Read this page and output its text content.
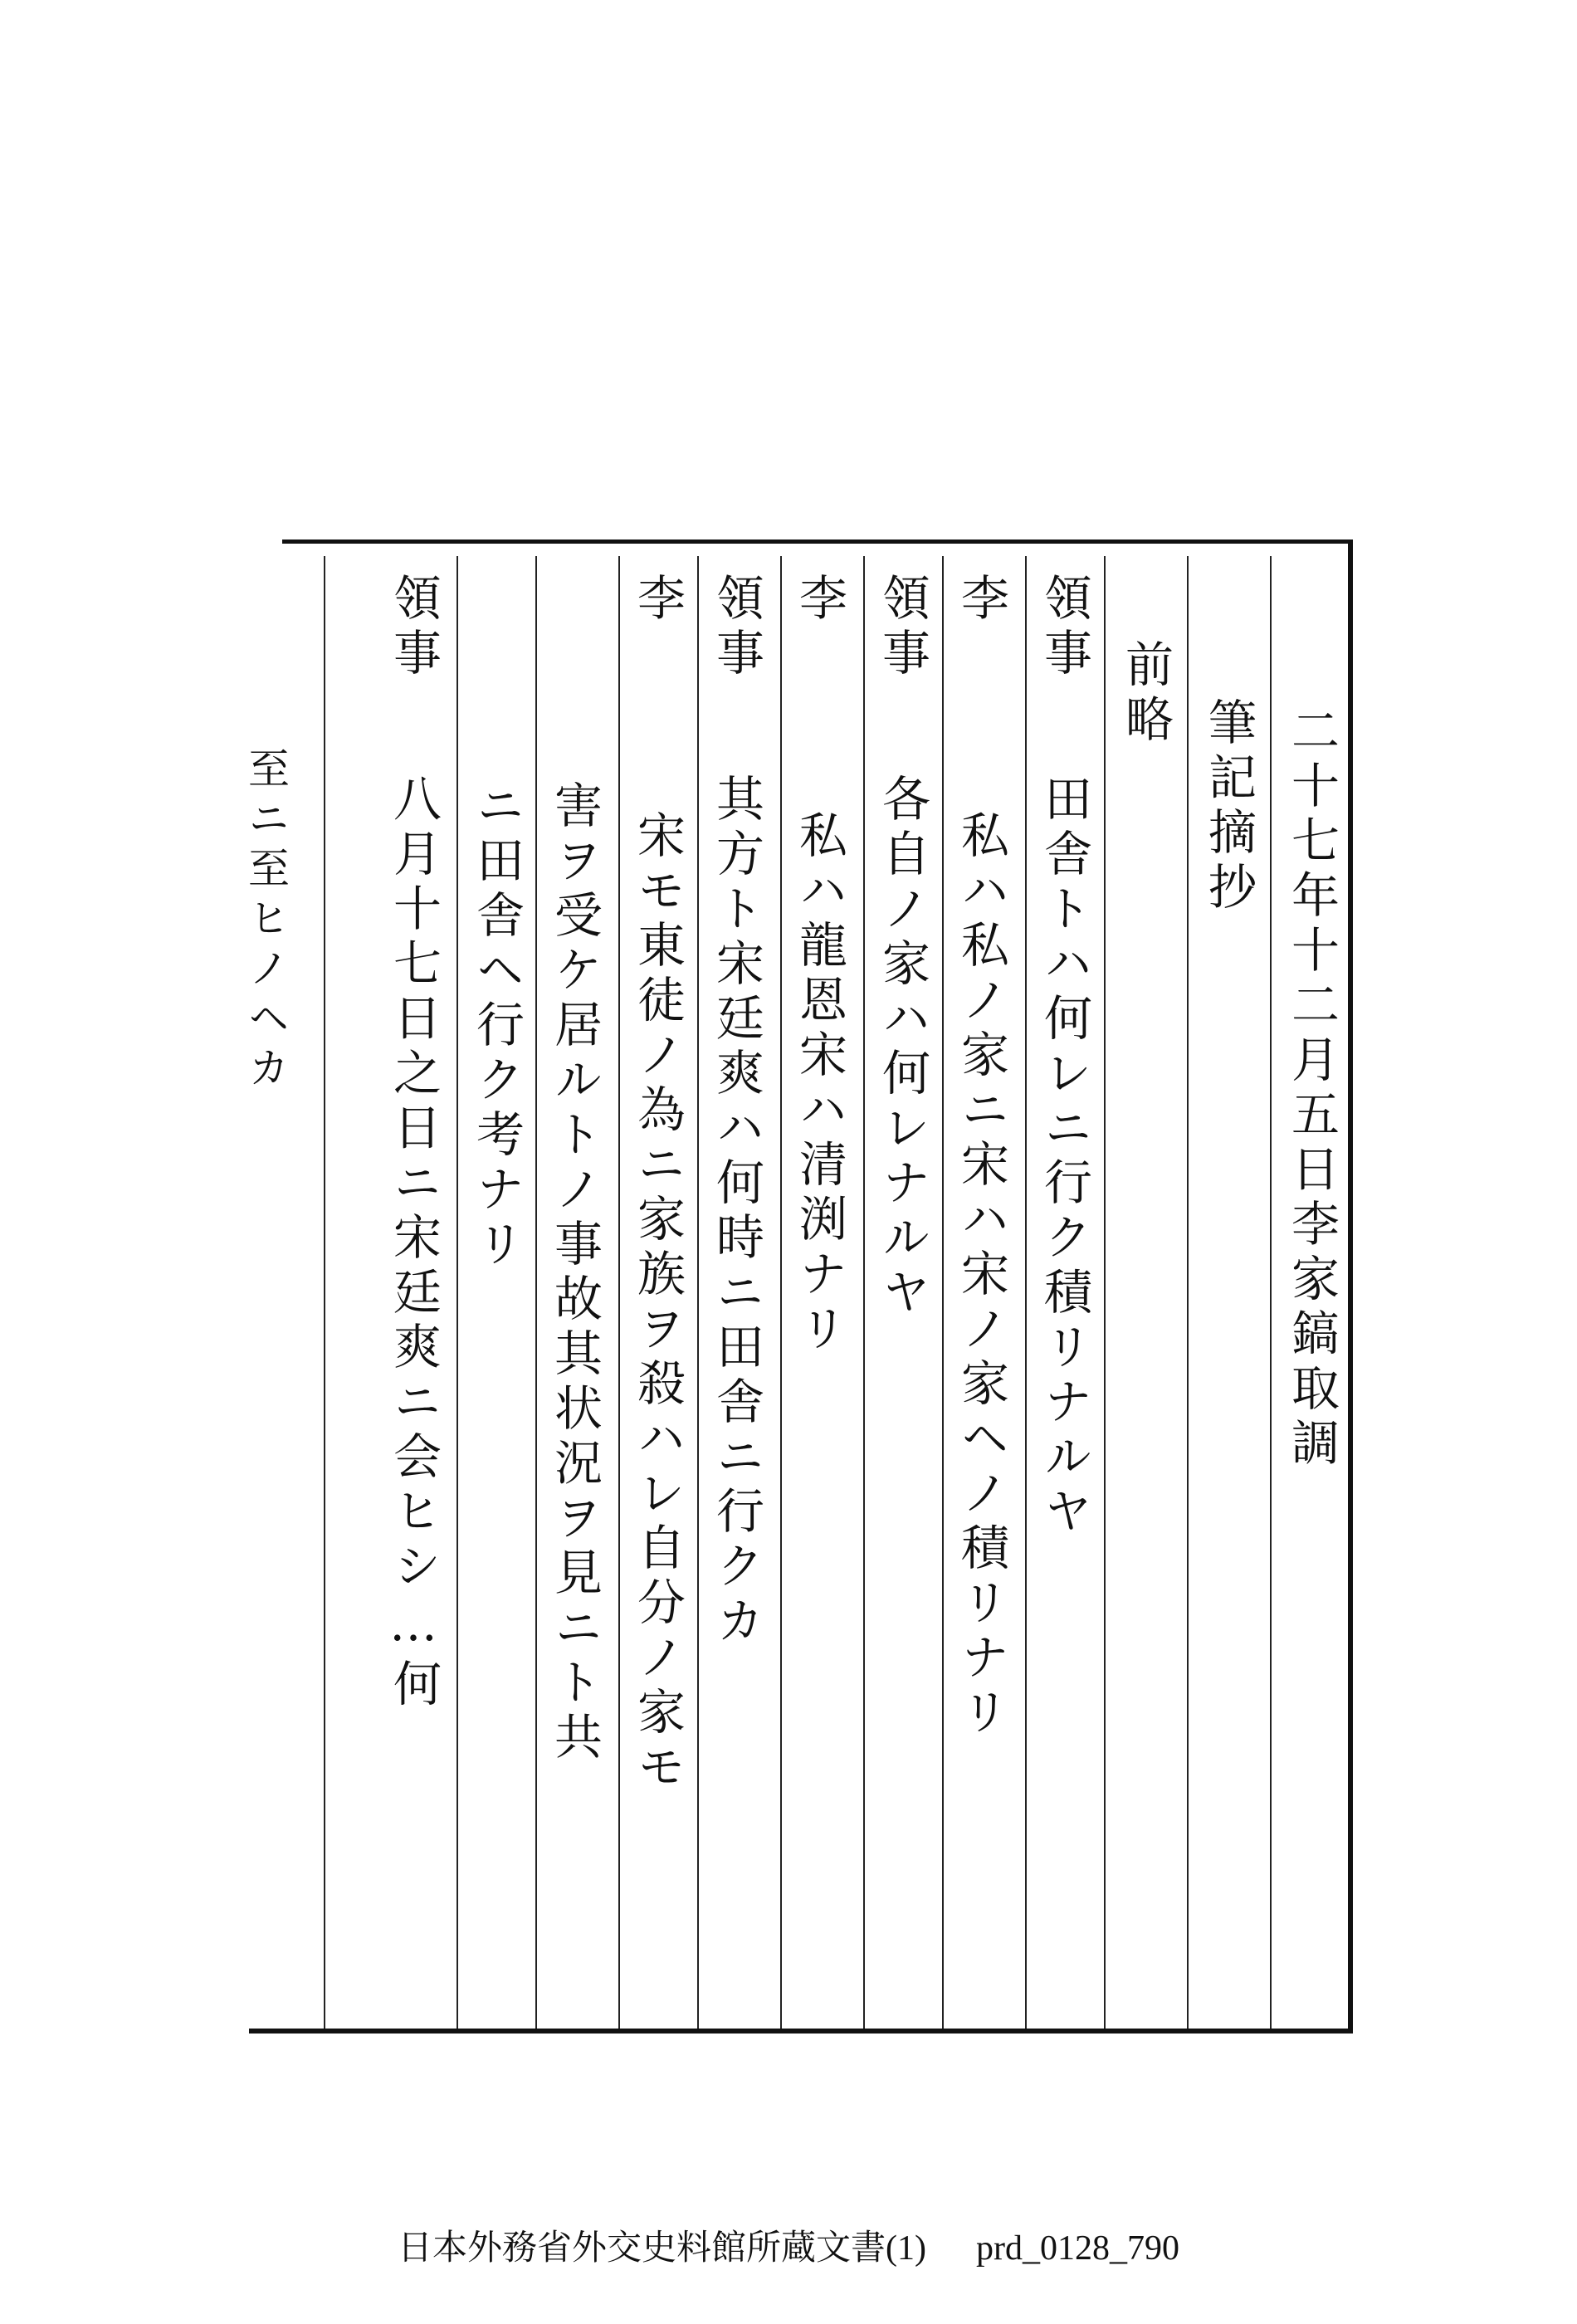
二十七年十二月五日李家鎬取調
筆記摘抄
前略
領事田舎トハ何レニ行ク積リナルヤ
李私ハ私ノ家ニ宋ハ宋ノ家ヘノ積リナリ
領事各自ノ家ハ何レナルヤ
李私ハ龍恩宋ハ清渕ナリ
領事其方ト宋廷爽ハ何時ニ田舎ニ行クカ
李宋モ東徒ノ為ニ家族ヲ殺ハレ自分ノ家モ
害ヲ受ケ居ルトノ事故其状況ヲ見ニト共
ニ田舎ヘ行ク考ナリ
領事八月十七日之日ニ宋廷爽ニ会ヒシ…何
至ニ至ヒノヘカ
日本外務省外交史料館所蔵文書(1) prd_0128_790
